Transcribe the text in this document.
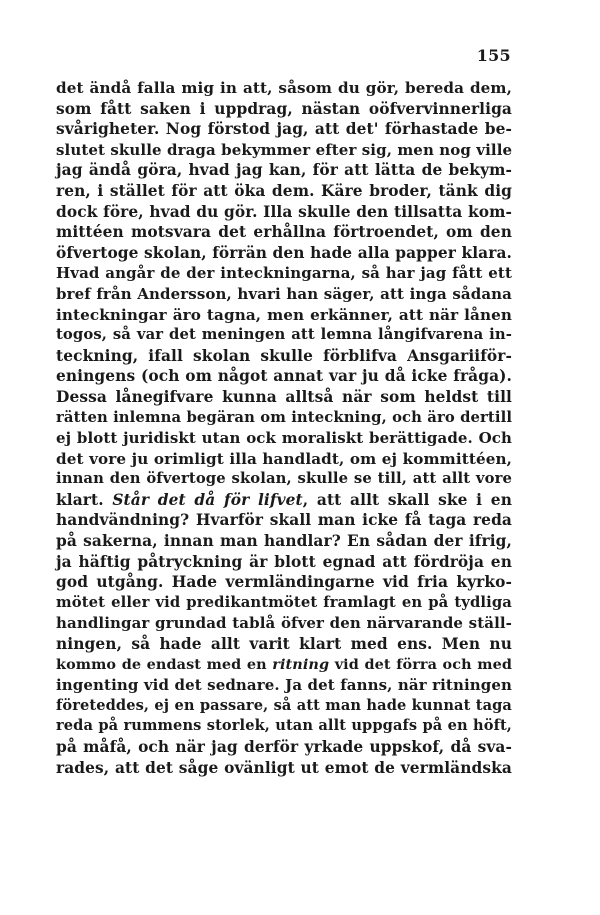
155
det ändå falla mig in att, såsom du gör, bereda dem,
som fått saken i uppdrag, nästan oöfvervinnerliga
svårigheter. Nog förstod jag, att det' förhastade be-
slutet skulle draga bekymmer efter sig, men nog ville
jag ändå göra, hvad jag kan, för att lätta de bekym-
ren, i stället för att öka dem. Käre broder, tänk dig
dock före, hvad du gör. Illa skulle den tillsatta kom-
mittéen motsvara det erhållna förtroendet, om den
öfvertoge skolan, förrän den hade alla papper klara.
Hvad angår de der inteckningarna, så har jag fått ett
bref från Andersson, hvari han säger, att inga sådana
inteckningar äro tagna, men erkänner, att när lånen
togos, så var det meningen att lemna långifvarena in-
teckning, ifall skolan skulle förblifva Ansgariiför-
eningens (och om något annat var ju då icke fråga).
Dessa lånegifvare kunna alltså när som heldst till
rätten inlemna begäran om inteckning, och äro dertill
ej blott juridiskt utan ock moraliskt berättigade. Och
det vore ju orimligt illa handladt, om ej kommittéen,
innan den öfvertoge skolan, skulle se till, att allt vore
klart. Står det då för lifvet, att allt skall ske i en
handvändning? Hvarför skall man icke få taga reda
på sakerna, innan man handlar? En sådan der ifrig,
ja häftig påtryckning är blott egnad att fördröja en
god utgång. Hade vermländingarne vid fria kyrko-
mötet eller vid predikantmötet framlagt en på tydliga
handlingar grundad tablå öfver den närvarande ställ-
ningen, så hade allt varit klart med ens. Men nu
kommo de endast med en ritning vid det förra och med
ingenting vid det sednare. Ja det fanns, när ritningen
företeddes, ej en passare, så att man hade kunnat taga
reda på rummens storlek, utan allt uppgafs på en höft,
på måfå, och när jag derför yrkade uppskof, då sva-
rades, att det såge ovänligt ut emot de vermländska
